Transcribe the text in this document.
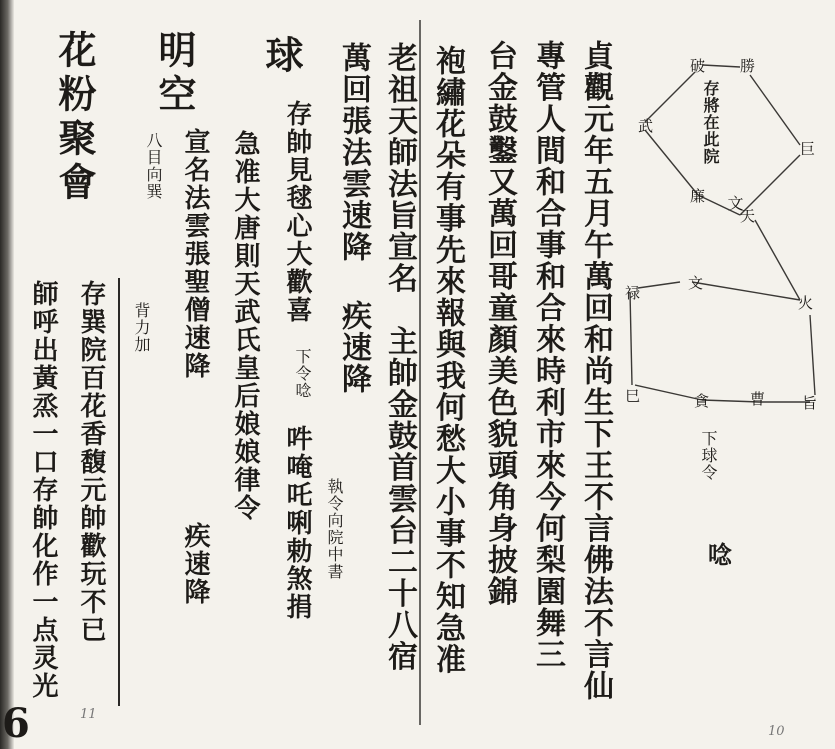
貞觀元年五月午萬回和尚生下王不言佛法不言仙
專管人間和合事和合來時利市來今何梨園舞三
台金鼓鑿又萬回哥童顏美色貌頭角身披錦
袍繡花朵有事先來報與我何愁大小事不知急准
老祖天師法旨宣名　主帥金鼓首雲台二十八宿
萬回張法雲速降
疾速降
執令向院中書
10
存將在此院
文
破 勝
武
巨
廉
天
禄
文
火
巳	貪	曹 旨
下球令
唸
花粉聚會 明空 球
八目向巽
背力加 宣名法雲張聖僧速降
疾速降
急准大唐則天武氏皇后娘娘律令 存帥見毬心大歡喜
下令唸
吽唵吒唎勅煞捐
存巽院百花香馥元帥歡玩不已
師呼出黃烝一口存帥化作一点灵光
11
6
